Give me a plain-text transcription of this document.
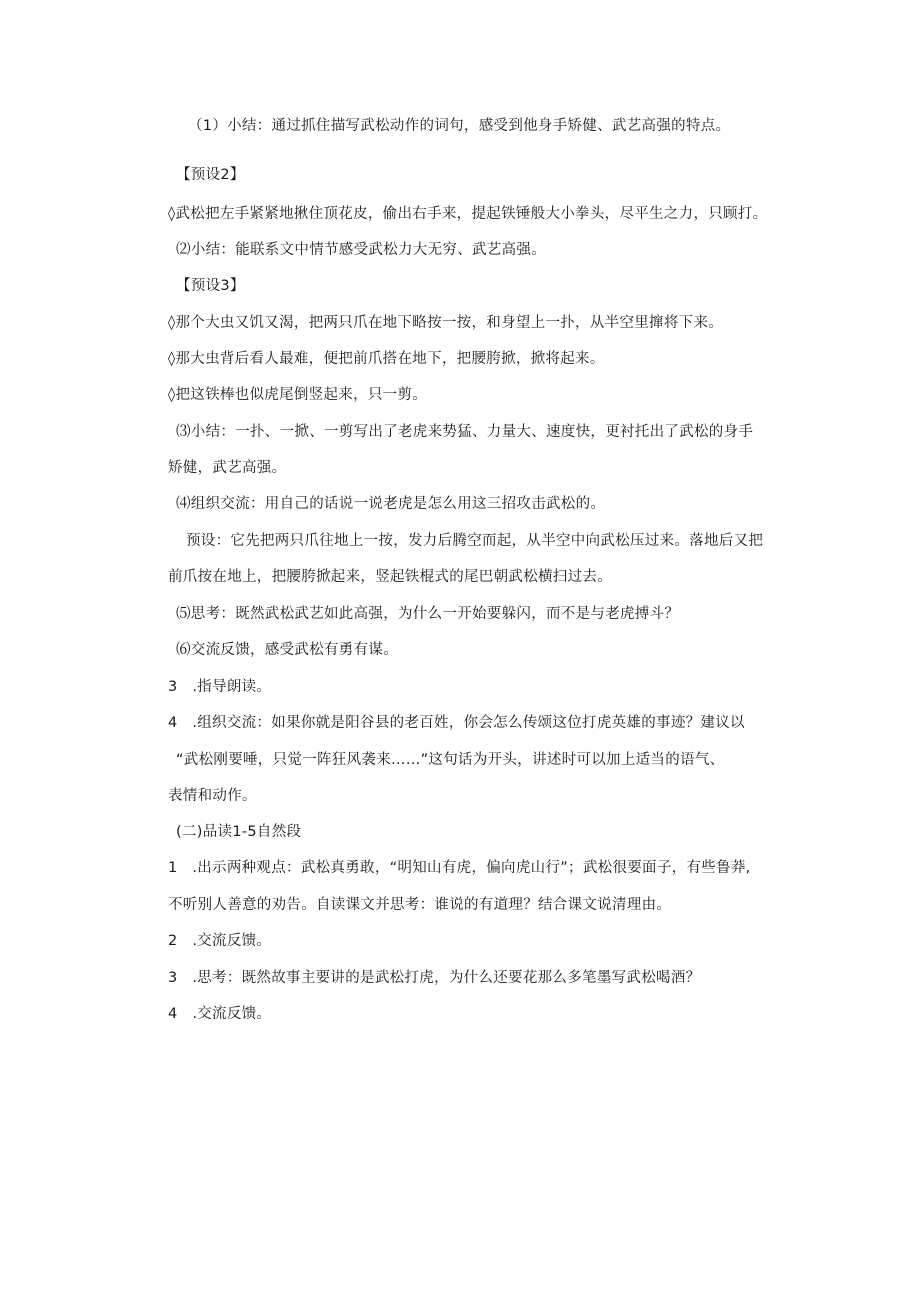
（1）小结：通过抓住描写武松动作的词句，感受到他身手矫健、武艺高强的特点。
【预设2】
◊武松把左手紧紧地揪住顶花皮，偷出右手来，提起铁锤般大小拳头，尽平生之力，只顾打。
⑵小结：能联系文中情节感受武松力大无穷、武艺高强。
【预设3】
◊那个大虫又饥又渴，把两只爪在地下略按一按，和身望上一扑，从半空里撺将下来。
◊那大虫背后看人最难，便把前爪搭在地下，把腰胯掀，掀将起来。
◊把这铁棒也似虎尾倒竖起来，只一剪。
⑶小结：一扑、一掀、一剪写出了老虎来势猛、力量大、速度快，更衬托出了武松的身手
矫健，武艺高强。
⑷组织交流：用自己的话说一说老虎是怎么用这三招攻击武松的。
预设：它先把两只爪往地上一按，发力后腾空而起，从半空中向武松压过来。落地后又把
前爪按在地上，把腰胯掀起来，竖起铁棍式的尾巴朝武松横扫过去。
⑸思考：既然武松武艺如此高强，为什么一开始要躲闪，而不是与老虎搏斗？
⑹交流反馈，感受武松有勇有谋。
3　.指导朗读。
4　.组织交流：如果你就是阳谷县的老百姓，你会怎么传颂这位打虎英雄的事迹？建议以
“武松刚要唾，只觉一阵狂风袭来……”这句话为开头，讲述时可以加上适当的语气、
表情和动作。
(二)品读1-5自然段
1　.出示两种观点：武松真勇敢，“明知山有虎，偏向虎山行”；武松很要面子，有些鲁莽,
不听别人善意的劝告。自读课文并思考：谁说的有道理？结合课文说清理由。
2　.交流反馈。
3　.思考：既然故事主要讲的是武松打虎，为什么还要花那么多笔墨写武松喝酒？
4　.交流反馈。
